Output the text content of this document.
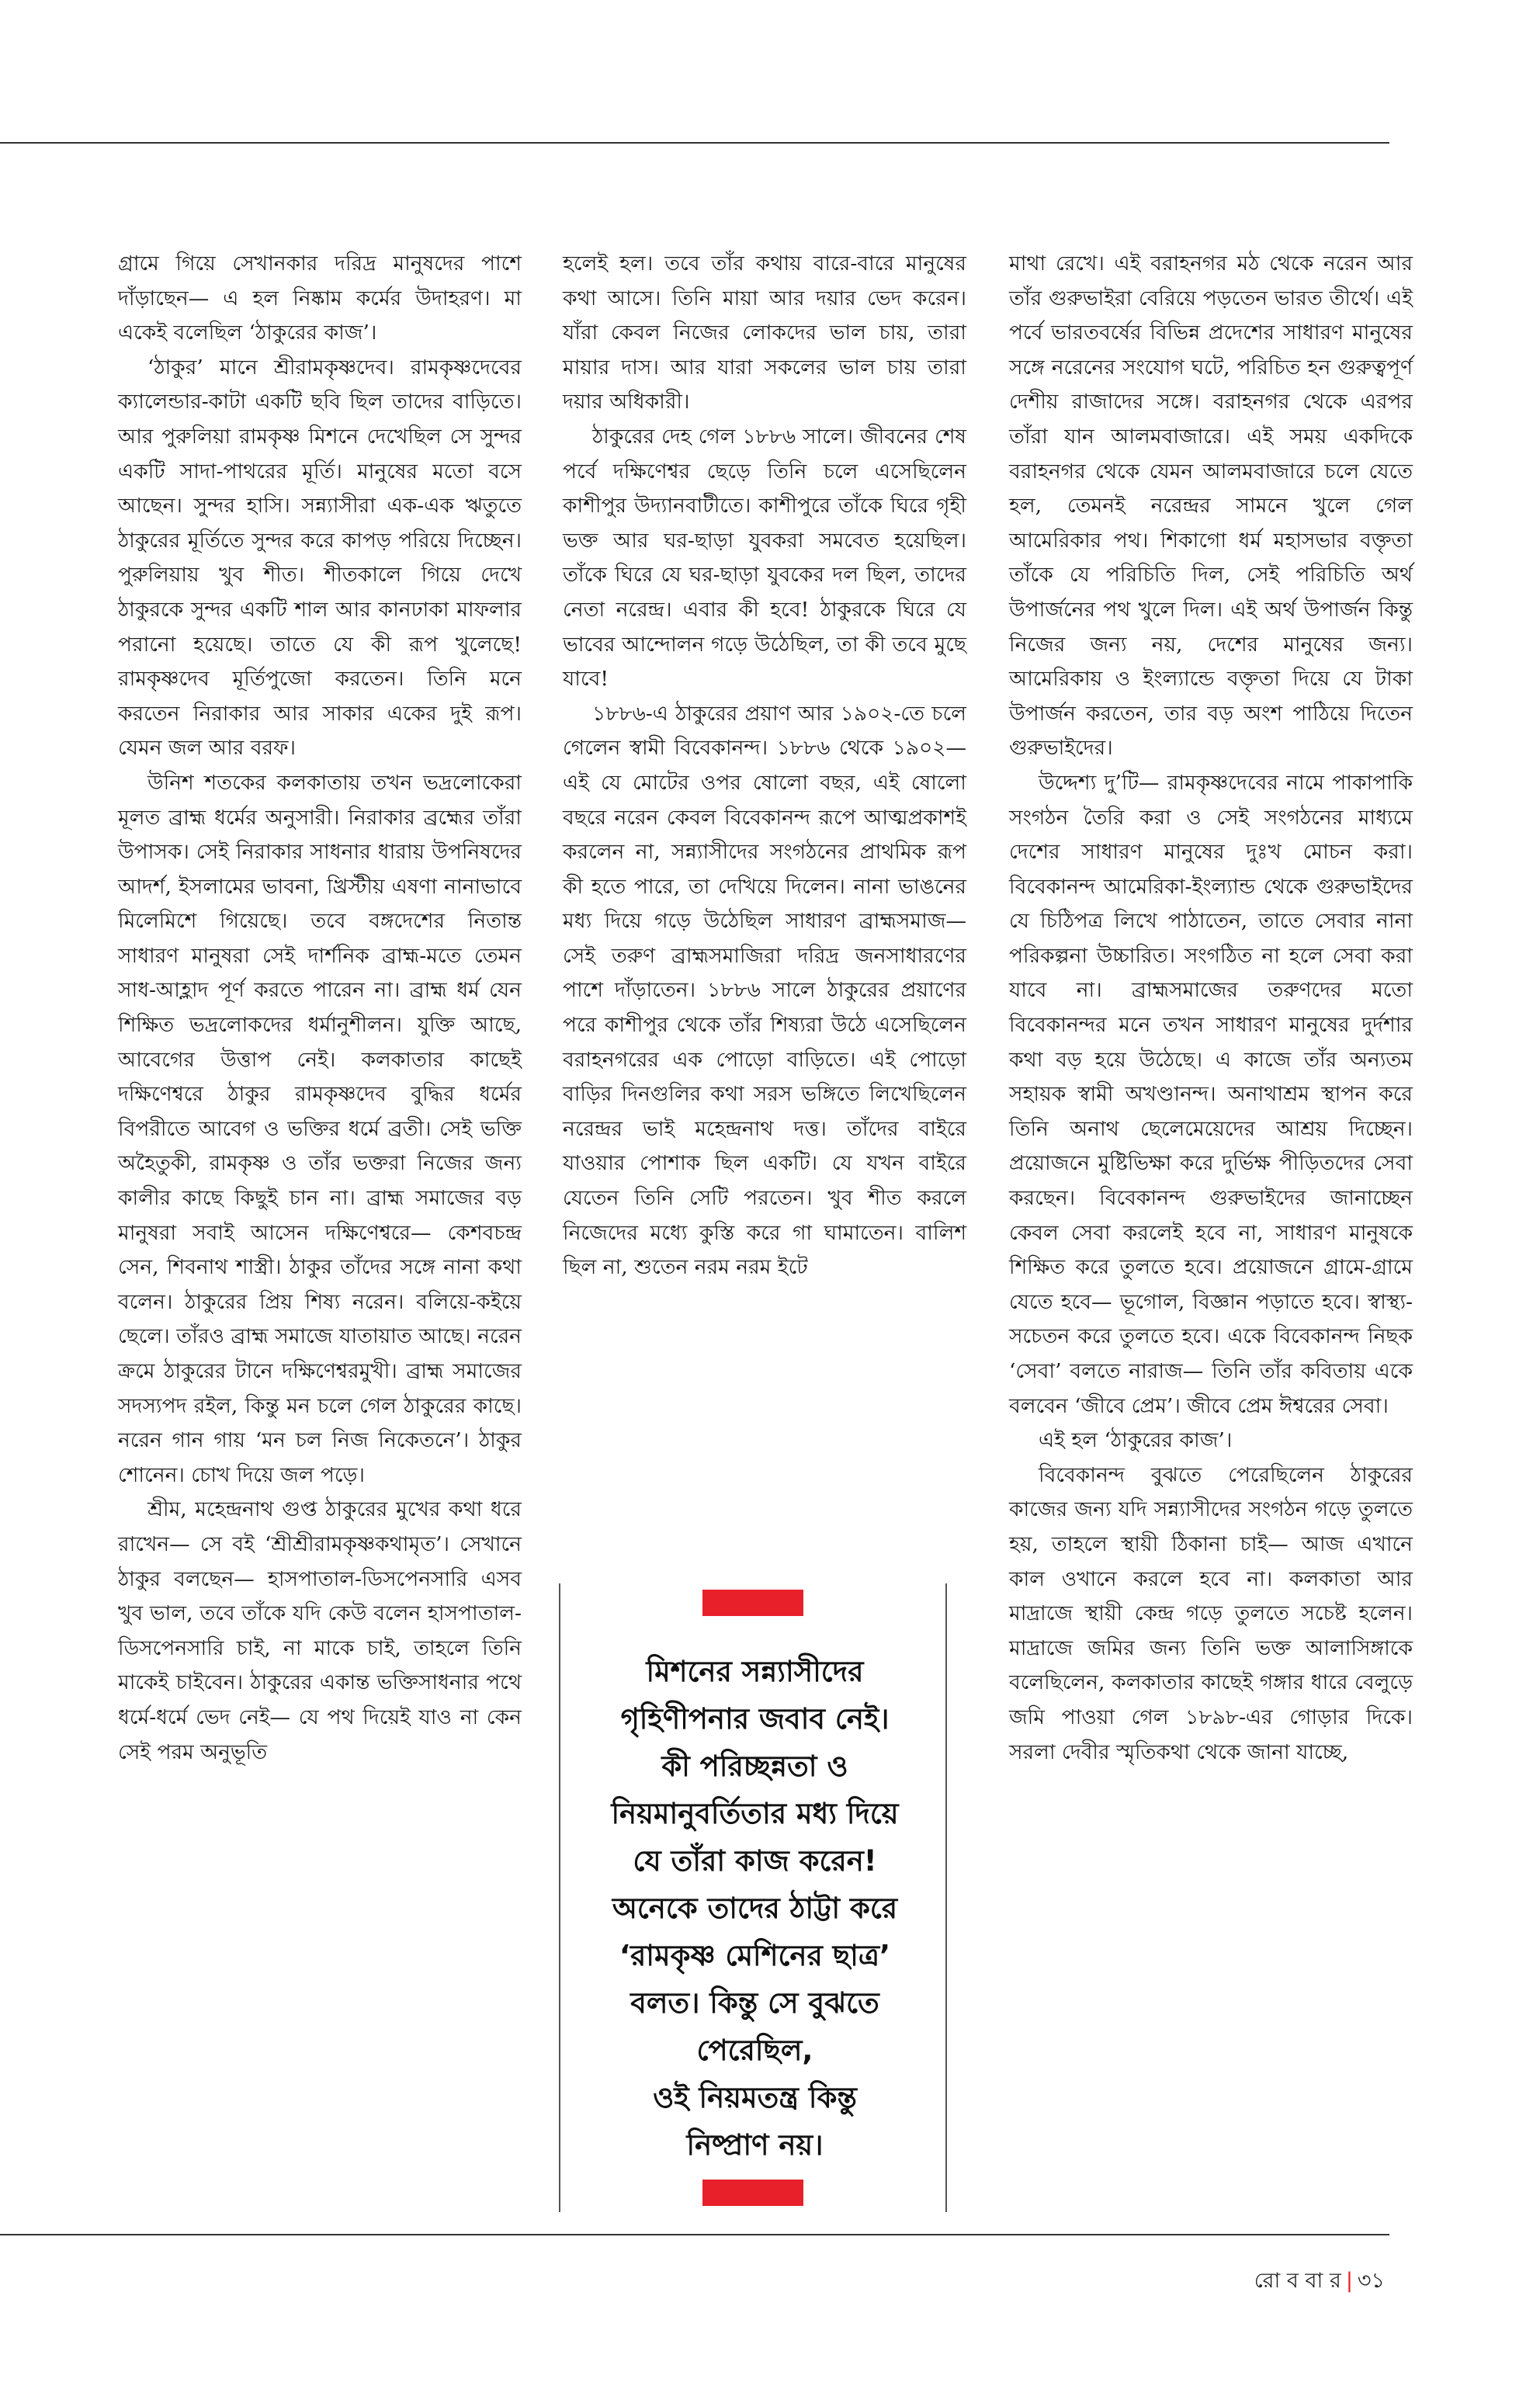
গ্রামে গিয়ে সেখানকার দরিদ্র মানুষদের পাশে দাঁড়াছেন— এ হল নিষ্কাম কর্মের উদাহরণ। মা একেই বলেছিল ‘ঠাকুরের কাজ’।

‘ঠাকুর’ মানে শ্রীরামকৃষ্ণদেব। রামকৃষ্ণদেবের ক্যালেন্ডার-কাটা একটি ছবি ছিল তাদের বাড়িতে। আর পুরুলিয়া রামকৃষ্ণ মিশনে দেখেছিল সে সুন্দর একটি সাদা-পাথরের মূর্তি। মানুষের মতো বসে আছেন। সুন্দর হাসি। সন্ন্যাসীরা এক-এক ঋতুতে ঠাকুরের মূর্তিতে সুন্দর করে কাপড় পরিয়ে দিচ্ছেন। পুরুলিয়ায় খুব শীত। শীতকালে গিয়ে দেখে ঠাকুরকে সুন্দর একটি শাল আর কানঢাকা মাফলার পরানো হয়েছে। তাতে যে কী রূপ খুলেছে! রামকৃষ্ণদেব মূর্তিপুজো করতেন। তিনি মনে করতেন নিরাকার আর সাকার একের দুই রূপ। যেমন জল আর বরফ।

উনিশ শতকের কলকাতায় তখন ভদ্রলোকেরা মূলত ব্রাহ্ম ধর্মের অনুসারী। নিরাকার ব্রহ্মের তাঁরা উপাসক। সেই নিরাকার সাধনার ধারায় উপনিষদের আদর্শ, ইসলামের ভাবনা, খ্রিস্টীয় এষণা নানাভাবে মিলেমিশে গিয়েছে। তবে বঙ্গদেশের নিতান্ত সাধারণ মানুষরা সেই দার্শনিক ব্রাহ্ম-মতে তেমন সাধ-আহ্লাদ পূর্ণ করতে পারেন না। ব্রাহ্ম ধর্ম যেন শিক্ষিত ভদ্রলোকদের ধর্মানুশীলন। যুক্তি আছে, আবেগের উত্তাপ নেই। কলকাতার কাছেই দক্ষিণেশ্বরে ঠাকুর রামকৃষ্ণদেব বুদ্ধির ধর্মের বিপরীতে আবেগ ও ভক্তির ধর্মে ব্রতী। সেই ভক্তি অহৈতুকী, রামকৃষ্ণ ও তাঁর ভক্তরা নিজের জন্য কালীর কাছে কিছুই চান না। ব্রাহ্ম সমাজের বড় মানুষরা সবাই আসেন দক্ষিণেশ্বরে— কেশবচন্দ্র সেন, শিবনাথ শাস্ত্রী। ঠাকুর তাঁদের সঙ্গে নানা কথা বলেন। ঠাকুরের প্রিয় শিষ্য নরেন। বলিয়ে-কইয়ে ছেলে। তাঁরও ব্রাহ্ম সমাজে যাতায়াত আছে। নরেন ক্রমে ঠাকুরের টানে দক্ষিণেশ্বরমুখী। ব্রাহ্ম সমাজের সদস্যপদ রইল, কিন্তু মন চলে গেল ঠাকুরের কাছে। নরেন গান গায় ‘মন চল নিজ নিকেতনে’। ঠাকুর শোনেন। চোখ দিয়ে জল পড়ে।

শ্রীম, মহেন্দ্রনাথ গুপ্ত ঠাকুরের মুখের কথা ধরে রাখেন— সে বই ‘শ্রীশ্রীরামকৃষ্ণকথামৃত’। সেখানে ঠাকুর বলছেন— হাসপাতাল-ডিসপেনসারি এসব খুব ভাল, তবে তাঁকে যদি কেউ বলেন হাসপাতাল-ডিসপেনসারি চাই, না মাকে চাই, তাহলে তিনি মাকেই চাইবেন। ঠাকুরের একান্ত ভক্তিসাধনার পথে ধর্মে-ধর্মে ভেদ নেই— যে পথ দিয়েই যাও না কেন সেই পরম অনুভূতি

হলেই হল। তবে তাঁর কথায় বারে-বারে মানুষের কথা আসে। তিনি মায়া আর দয়ার ভেদ করেন। যাঁরা কেবল নিজের লোকদের ভাল চায়, তারা মায়ার দাস। আর যারা সকলের ভাল চায় তারা দয়ার অধিকারী।

ঠাকুরের দেহ গেল ১৮৮৬ সালে। জীবনের শেষ পর্বে দক্ষিণেশ্বর ছেড়ে তিনি চলে এসেছিলেন কাশীপুর উদ্যানবাটীতে। কাশীপুরে তাঁকে ঘিরে গৃহী ভক্ত আর ঘর-ছাড়া যুবকরা সমবেত হয়েছিল। তাঁকে ঘিরে যে ঘর-ছাড়া যুবকের দল ছিল, তাদের নেতা নরেন্দ্র। এবার কী হবে! ঠাকুরকে ঘিরে যে ভাবের আন্দোলন গড়ে উঠেছিল, তা কী তবে মুছে যাবে!

১৮৮৬-এ ঠাকুরের প্রয়াণ আর ১৯০২-তে চলে গেলেন স্বামী বিবেকানন্দ। ১৮৮৬ থেকে ১৯০২— এই যে মোটের ওপর ষোলো বছর, এই ষোলো বছরে নরেন কেবল বিবেকানন্দ রূপে আত্মপ্রকাশই করলেন না, সন্ন্যাসীদের সংগঠনের প্রাথমিক রূপ কী হতে পারে, তা দেখিয়ে দিলেন। নানা ভাঙনের মধ্য দিয়ে গড়ে উঠেছিল সাধারণ ব্রাহ্মসমাজ— সেই তরুণ ব্রাহ্মসমাজিরা দরিদ্র জনসাধারণের পাশে দাঁড়াতেন। ১৮৮৬ সালে ঠাকুরের প্রয়াণের পরে কাশীপুর থেকে তাঁর শিষ্যরা উঠে এসেছিলেন বরাহনগরের এক পোড়ো বাড়িতে। এই পোড়ো বাড়ির দিনগুলির কথা সরস ভঙ্গিতে লিখেছিলেন নরেন্দ্রর ভাই মহেন্দ্রনাথ দত্ত। তাঁদের বাইরে যাওয়ার পোশাক ছিল একটি। যে যখন বাইরে যেতেন তিনি সেটি পরতেন। খুব শীত করলে নিজেদের মধ্যে কুস্তি করে গা ঘামাতেন। বালিশ ছিল না, শুতেন নরম নরম ইটে

মাথা রেখে। এই বরাহনগর মঠ থেকে নরেন আর তাঁর গুরুভাইরা বেরিয়ে পড়তেন ভারত তীর্থে। এই পর্বে ভারতবর্ষের বিভিন্ন প্রদেশের সাধারণ মানুষের সঙ্গে নরেনের সংযোগ ঘটে, পরিচিত হন গুরুত্বপূর্ণ দেশীয় রাজাদের সঙ্গে। বরাহনগর থেকে এরপর তাঁরা যান আলমবাজারে। এই সময় একদিকে বরাহনগর থেকে যেমন আলমবাজারে চলে যেতে হল, তেমনই নরেন্দ্রর সামনে খুলে গেল আমেরিকার পথ। শিকাগো ধর্ম মহাসভার বক্তৃতা তাঁকে যে পরিচিতি দিল, সেই পরিচিতি অর্থ উপার্জনের পথ খুলে দিল। এই অর্থ উপার্জন কিন্তু নিজের জন্য নয়, দেশের মানুষের জন্য। আমেরিকায় ও ইংল্যান্ডে বক্তৃতা দিয়ে যে টাকা উপার্জন করতেন, তার বড় অংশ পাঠিয়ে দিতেন গুরুভাইদের।

উদ্দেশ্য দু’টি— রামকৃষ্ণদেবের নামে পাকাপাকি সংগঠন তৈরি করা ও সেই সংগঠনের মাধ্যমে দেশের সাধারণ মানুষের দুঃখ মোচন করা। বিবেকানন্দ আমেরিকা-ইংল্যান্ড থেকে গুরুভাইদের যে চিঠিপত্র লিখে পাঠাতেন, তাতে সেবার নানা পরিকল্পনা উচ্চারিত। সংগঠিত না হলে সেবা করা যাবে না। ব্রাহ্মসমাজের তরুণদের মতো বিবেকানন্দর মনে তখন সাধারণ মানুষের দুর্দশার কথা বড় হয়ে উঠেছে। এ কাজে তাঁর অন্যতম সহায়ক স্বামী অখণ্ডানন্দ। অনাথাশ্রম স্থাপন করে তিনি অনাথ ছেলেমেয়েদের আশ্রয় দিচ্ছেন। প্রয়োজনে মুষ্টিভিক্ষা করে দুর্ভিক্ষ পীড়িতদের সেবা করছেন। বিবেকানন্দ গুরুভাইদের জানাচ্ছেন কেবল সেবা করলেই হবে না, সাধারণ মানুষকে শিক্ষিত করে তুলতে হবে। প্রয়োজনে গ্রামে-গ্রামে যেতে হবে— ভূগোল, বিজ্ঞান পড়াতে হবে। স্বাস্থ্য-সচেতন করে তুলতে হবে। একে বিবেকানন্দ নিছক ‘সেবা’ বলতে নারাজ— তিনি তাঁর কবিতায় একে বলবেন ‘জীবে প্রেম’। জীবে প্রেম ঈশ্বরের সেবা।

এই হল ‘ঠাকুরের কাজ’।

বিবেকানন্দ বুঝতে পেরেছিলেন ঠাকুরের কাজের জন্য যদি সন্ন্যাসীদের সংগঠন গড়ে তুলতে হয়, তাহলে স্থায়ী ঠিকানা চাই— আজ এখানে কাল ওখানে করলে হবে না। কলকাতা আর মাদ্রাজে স্থায়ী কেন্দ্র গড়ে তুলতে সচেষ্ট হলেন। মাদ্রাজে জমির জন্য তিনি ভক্ত আলাসিঙ্গাকে বলেছিলেন, কলকাতার কাছেই গঙ্গার ধারে বেলুড়ে জমি পাওয়া গেল ১৮৯৮-এর গোড়ার দিকে। সরলা দেবীর স্মৃতিকথা থেকে জানা যাচ্ছে,

মিশনের সন্ন্যাসীদের
গৃহিণীপনার জবাব নেই।
কী পরিচ্ছন্নতা ও
নিয়মানুবর্তিতার মধ্য দিয়ে
যে তাঁরা কাজ করেন!
অনেকে তাদের ঠাট্টা করে
‘রামকৃষ্ণ মেশিনের ছাত্র’
বলত। কিন্তু সে বুঝতে
পেরেছিল,
ওই নিয়মতন্ত্র কিন্তু
নিষ্প্রাণ নয়।
রো ব বা র | ৩১
